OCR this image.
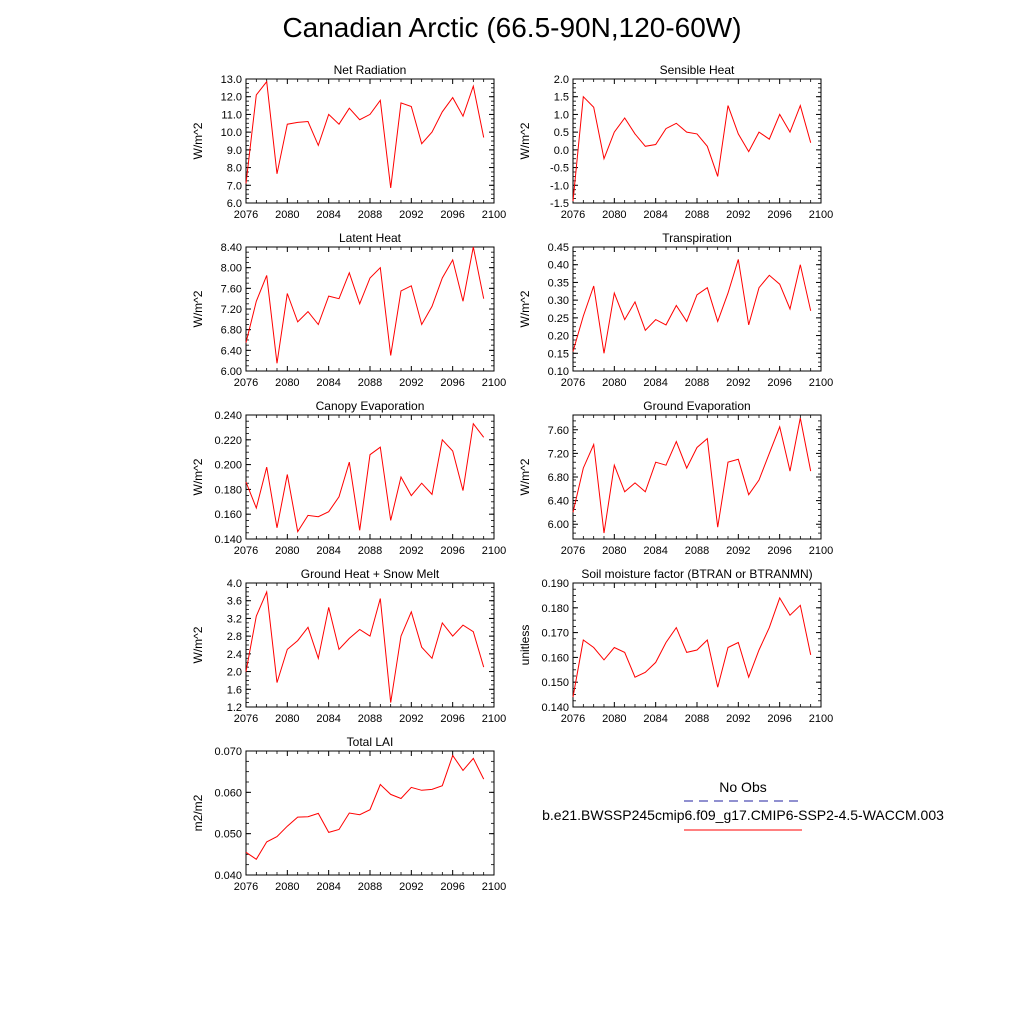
Canadian Arctic (66.5-90N,120-60W)
No Obs
b.e21.BWSSP245cmip6.f09_g17.CMIP6-SSP2-4.5-WACCM.003
Net Radiation
2076 2080 2084 2088 2092 2096 2100
6.0
7.0
8.0
9.0
10.0
11.0
12.0
13.0
W/m^2
Sensible Heat
2076 2080 2084 2088 2092 2096 2100
-1.5
-1.0
-0.5
0.0
0.5
1.0
1.5
2.0
W/m^2
Latent Heat
2076 2080 2084 2088 2092 2096 2100
6.00
6.40
6.80
7.20
7.60
8.00
8.40
W/m^2
Transpiration
2076 2080 2084 2088 2092 2096 2100
0.10
0.15
0.20
0.25
0.30
0.35
0.40
0.45
W/m^2
Canopy Evaporation
2076 2080 2084 2088 2092 2096 2100
0.140
0.160
0.180
0.200
0.220
0.240
W/m^2
Ground Evaporation
2076 2080 2084 2088 2092 2096 2100
6.00
6.40
6.80
7.20
7.60
W/m^2
Ground Heat + Snow Melt
2076 2080 2084 2088 2092 2096 2100
1.2
1.6
2.0
2.4
2.8
3.2
3.6
4.0
W/m^2
Soil moisture factor (BTRAN or BTRANMN)
2076 2080 2084 2088 2092 2096 2100
0.140
0.150
0.160
0.170
0.180
0.190
unitless
Total LAI
2076 2080 2084 2088 2092 2096 2100
0.040
0.050
0.060
0.070
m2/m2
